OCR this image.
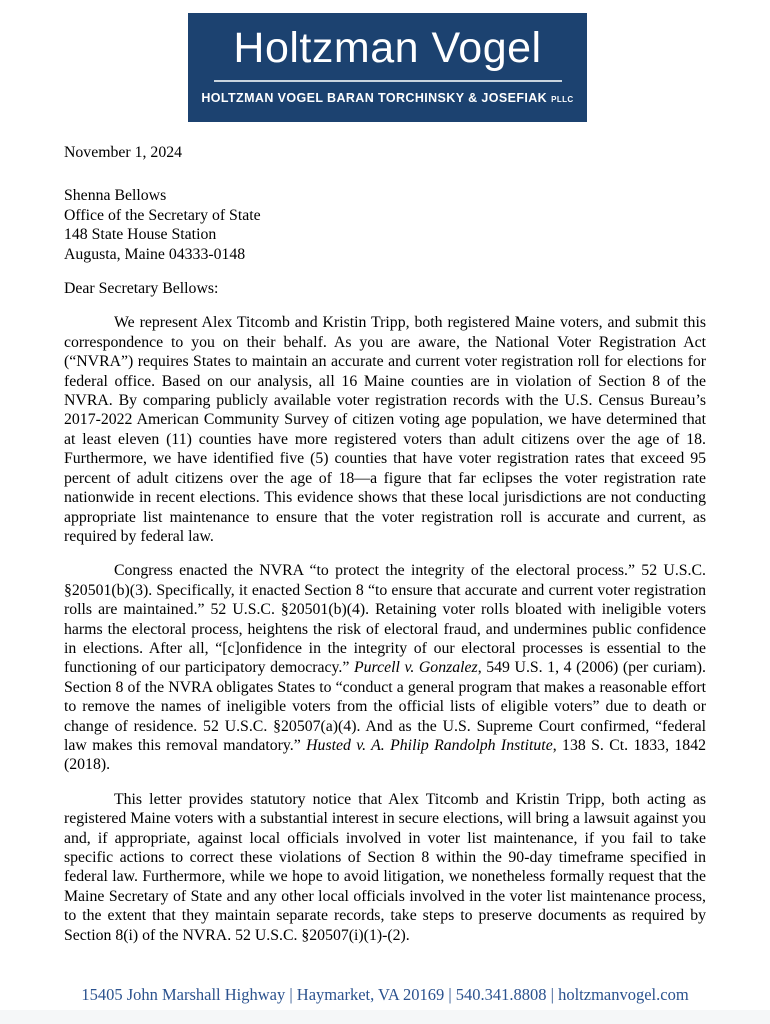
Holtzman Vogel
HOLTZMAN VOGEL BARAN TORCHINSKY & JOSEFIAK PLLC
November 1, 2024
Shenna Bellows
Office of the Secretary of State
148 State House Station
Augusta, Maine 04333-0148
Dear Secretary Bellows:

We represent Alex Titcomb and Kristin Tripp, both registered Maine voters, and submit this correspondence to you on their behalf. As you are aware, the National Voter Registration Act (“NVRA”) requires States to maintain an accurate and current voter registration roll for elections for federal office. Based on our analysis, all 16 Maine counties are in violation of Section 8 of the NVRA. By comparing publicly available voter registration records with the U.S. Census Bureau’s 2017-2022 American Community Survey of citizen voting age population, we have determined that at least eleven (11) counties have more registered voters than adult citizens over the age of 18. Furthermore, we have identified five (5) counties that have voter registration rates that exceed 95 percent of adult citizens over the age of 18—a figure that far eclipses the voter registration rate nationwide in recent elections. This evidence shows that these local jurisdictions are not conducting appropriate list maintenance to ensure that the voter registration roll is accurate and current, as required by federal law.

Congress enacted the NVRA “to protect the integrity of the electoral process.” 52 U.S.C. §20501(b)(3). Specifically, it enacted Section 8 “to ensure that accurate and current voter registration rolls are maintained.” 52 U.S.C. §20501(b)(4). Retaining voter rolls bloated with ineligible voters harms the electoral process, heightens the risk of electoral fraud, and undermines public confidence in elections. After all, “[c]onfidence in the integrity of our electoral processes is essential to the functioning of our participatory democracy.” Purcell v. Gonzalez, 549 U.S. 1, 4 (2006) (per curiam). Section 8 of the NVRA obligates States to “conduct a general program that makes a reasonable effort to remove the names of ineligible voters from the official lists of eligible voters” due to death or change of residence. 52 U.S.C. §20507(a)(4). And as the U.S. Supreme Court confirmed, “federal law makes this removal mandatory.” Husted v. A. Philip Randolph Institute, 138 S. Ct. 1833, 1842 (2018).

This letter provides statutory notice that Alex Titcomb and Kristin Tripp, both acting as registered Maine voters with a substantial interest in secure elections, will bring a lawsuit against you and, if appropriate, against local officials involved in voter list maintenance, if you fail to take specific actions to correct these violations of Section 8 within the 90-day timeframe specified in federal law. Furthermore, while we hope to avoid litigation, we nonetheless formally request that the Maine Secretary of State and any other local officials involved in the voter list maintenance process, to the extent that they maintain separate records, take steps to preserve documents as required by Section 8(i) of the NVRA. 52 U.S.C. §20507(i)(1)-(2).

15405 John Marshall Highway | Haymarket, VA 20169 | 540.341.8808 | holtzmanvogel.com
